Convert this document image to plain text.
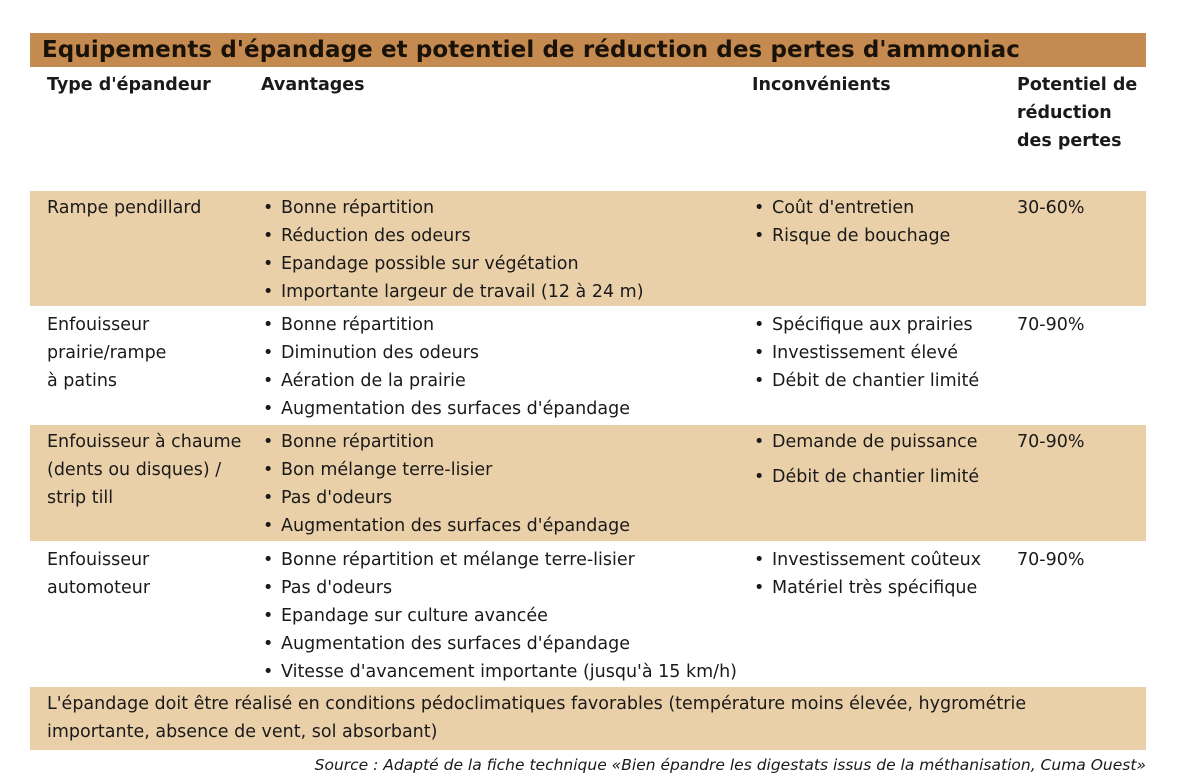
Equipements d'épandage et potentiel de réduction des pertes d'ammoniac
Type d'épandeur	Avantages	Inconvénients	Potentiel de
réduction
des pertes
Rampe pendillard
•	Bonne répartition
• Réduction des odeurs
• Epandage possible sur végétation
• Importante largeur de travail (12 à 24 m)
• Coût d'entretien
• Risque de bouchage
30-60%
Enfouisseur
prairie/rampe
à patins
• Bonne répartition
• Diminution des odeurs
• Aération de la prairie
• Augmentation des surfaces d'épandage
• Spécifique aux prairies
• Investissement élevé
• Débit de chantier limité
70-90%
Enfouisseur à chaume
(dents ou disques) /
strip till
• Bonne répartition
• Bon mélange terre-lisier
• Pas d'odeurs
• Augmentation des surfaces d'épandage
• Demande de puissance
• Débit de chantier limité
70-90%
Enfouisseur
automoteur
• Bonne répartition et mélange terre-lisier
• Pas d'odeurs
• Epandage sur culture avancée
• Augmentation des surfaces d'épandage
• Vitesse d'avancement importante (jusqu'à 15 km/h)
• Investissement coûteux
• Matériel très spécifique
70-90%
L'épandage doit être réalisé en conditions pédoclimatiques favorables (température moins élevée, hygrométrie importante, absence de vent, sol absorbant)
Source : Adapté de la fiche technique «Bien épandre les digestats issus de la méthanisation, Cuma Ouest»
